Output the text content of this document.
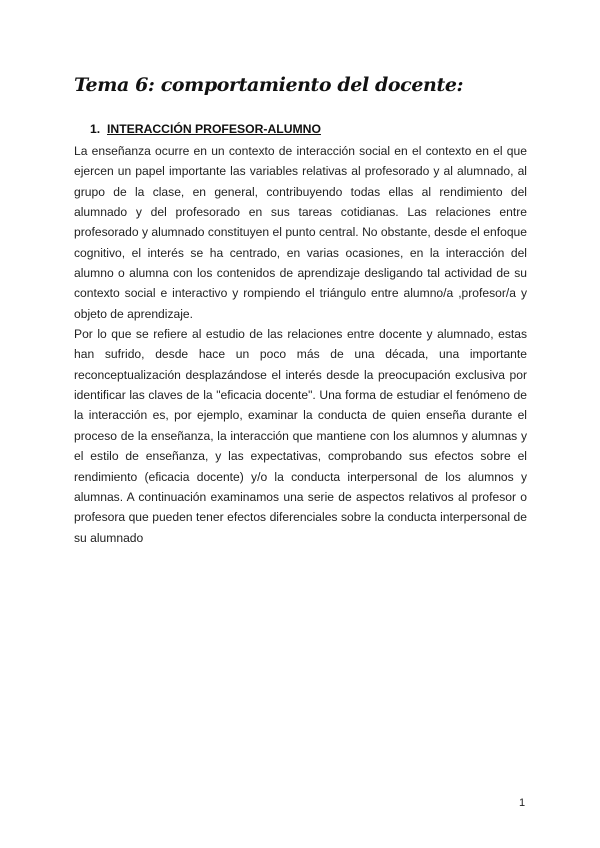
Tema 6: comportamiento del docente:
1. INTERACCIÓN PROFESOR-ALUMNO

La enseñanza ocurre en un contexto de interacción social en el contexto en el que ejercen un papel importante las variables relativas al profesorado y al alumnado, al grupo de la clase, en general, contribuyendo todas ellas al rendimiento del alumnado y del profesorado en sus tareas cotidianas. Las relaciones entre profesorado y alumnado constituyen el punto central. No obstante, desde el enfoque cognitivo, el interés se ha centrado, en varias ocasiones, en la interacción del alumno o alumna con los contenidos de aprendizaje desligando tal actividad de su contexto social e interactivo y rompiendo el triángulo entre alumno/a ,profesor/a y objeto de aprendizaje.

Por lo que se refiere al estudio de las relaciones entre docente y alumnado, estas han sufrido, desde hace un poco más de una década, una importante reconceptualización desplazándose el interés desde la preocupación exclusiva por identificar las claves de la "eficacia docente". Una forma de estudiar el fenómeno de la interacción es, por ejemplo, examinar la conducta de quien enseña durante el proceso de la enseñanza, la interacción que mantiene con los alumnos y alumnas y el estilo de enseñanza, y las expectativas, comprobando sus efectos sobre el rendimiento (eficacia docente) y/o la conducta interpersonal de los alumnos y alumnas. A continuación examinamos una serie de aspectos relativos al profesor o profesora que pueden tener efectos diferenciales sobre la conducta interpersonal de su alumnado

1
